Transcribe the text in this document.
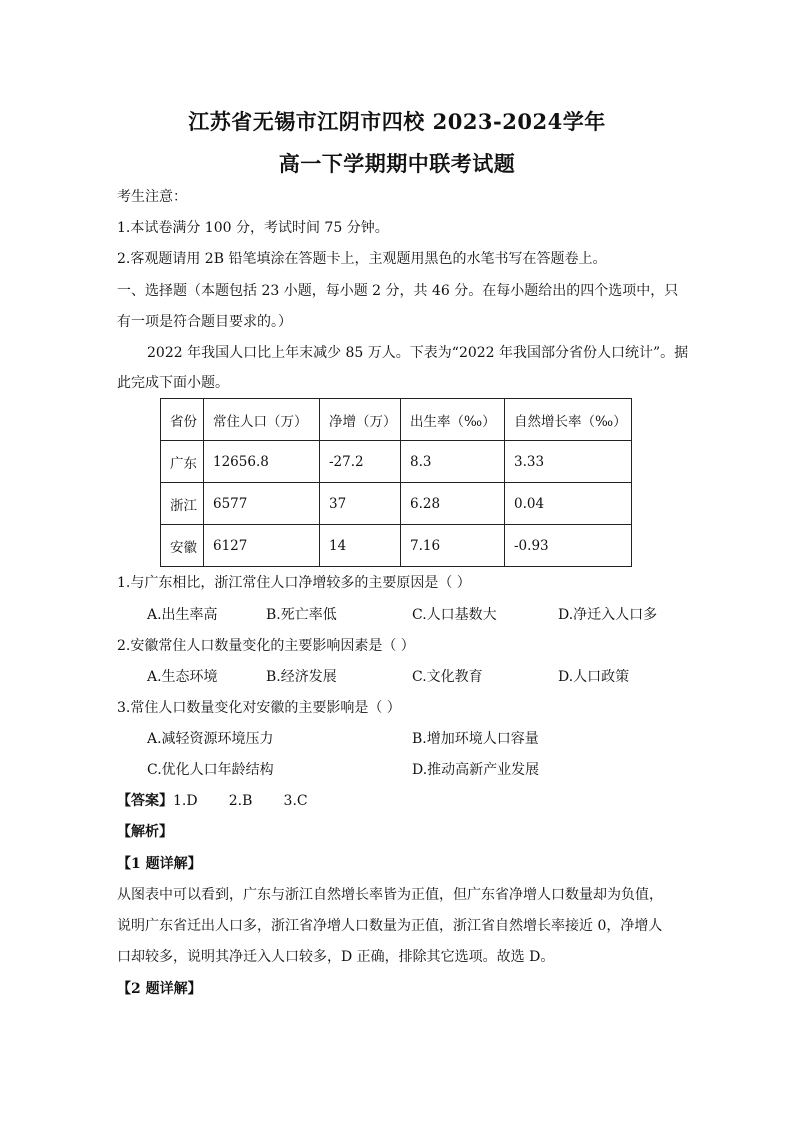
江苏省无锡市江阴市四校 2023-2024学年
高一下学期期中联考试题
考生注意：
1.本试卷满分 100 分，考试时间 75 分钟。
2.客观题请用 2B 铅笔填涂在答题卡上，主观题用黑色的水笔书写在答题卷上。
一、选择题（本题包括 23 小题，每小题 2 分，共 46 分。在每小题给出的四个选项中，只
有一项是符合题目要求的。）
2022 年我国人口比上年末减少 85 万人。下表为“2022 年我国部分省份人口统计”。据
此完成下面小题。
省份	常住人口（万）	净增（万）	出生率（‰）	自然增长率（‰）
广东	12656.8	-27.2	8.3	3.33
浙江	6577	37	6.28	0.04
安徽	6127	14	7.16	-0.93
1.与广东相比，浙江常住人口净增较多的主要原因是（ ）
A.出生率高	B.死亡率低	C.人口基数大	D.净迁入人口多
2.安徽常住人口数量变化的主要影响因素是（ ）
A.生态环境	B.经济发展	C.文化教育	D.人口政策
3.常住人口数量变化对安徽的主要影响是（ ）
A.减轻资源环境压力	B.增加环境人口容量
C.优化人口年龄结构	D.推动高新产业发展
【答案】1.D       2.B       3.C
【解析】
【1 题详解】
从图表中可以看到，广东与浙江自然增长率皆为正值，但广东省净增人口数量却为负值，
说明广东省迁出人口多，浙江省净增人口数量为正值，浙江省自然增长率接近 0，净增人
口却较多，说明其净迁入人口较多，D 正确，排除其它选项。故选 D。
【2 题详解】
